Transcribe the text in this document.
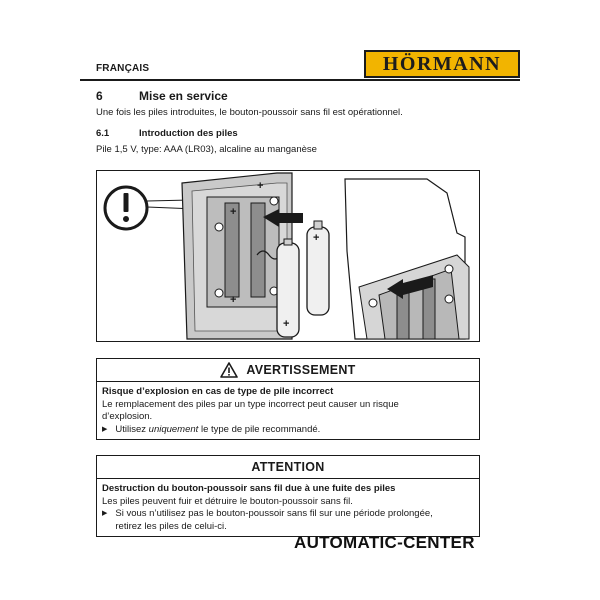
FRANÇAIS	HÖRMANN
6	Mise en service
Une fois les piles introduites, le bouton-poussoir sans fil est opérationnel.
6.1	Introduction des piles
Pile 1,5 V, type: AAA (LR03), alcaline au manganèse
+
+
+
+
+
AVERTISSEMENT
Risque d’explosion en cas de type de pile incorrect
Le remplacement des piles par un type incorrect peut causer un risque
d’explosion.
▶ Utilisez uniquement le type de pile recommandé.
ATTENTION
Destruction du bouton-poussoir sans fil due à une fuite des piles
Les piles peuvent fuir et détruire le bouton-poussoir sans fil.
▶ Si vous n’utilisez pas le bouton-poussoir sans fil sur une période prolongée,
retirez les piles de celui-ci.
AUTOMATIC-CENTER
